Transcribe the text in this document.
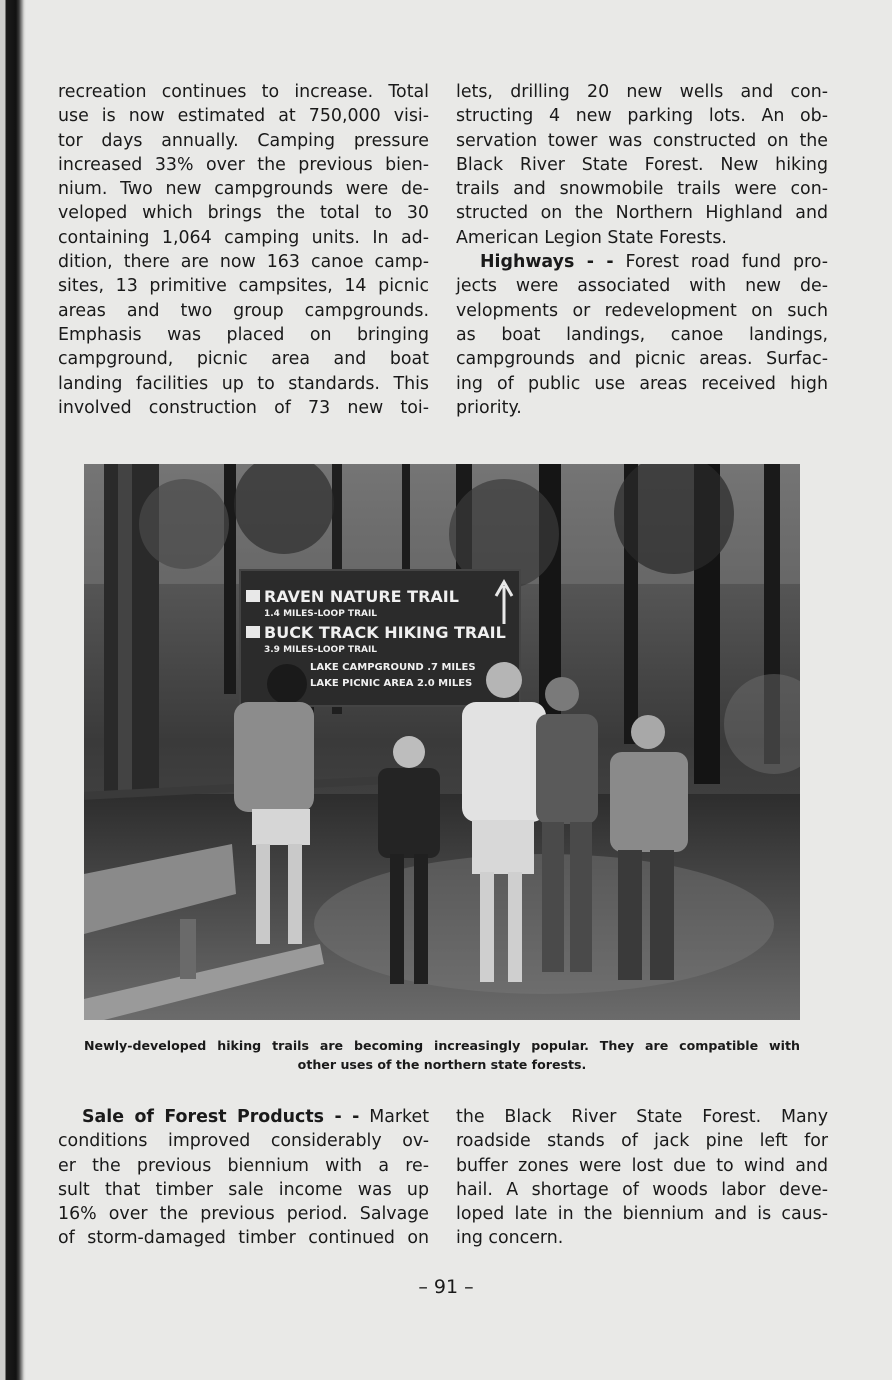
recreation continues to increase. Total
use is now estimated at 750,000 visi-
tor days annually. Camping pressure
increased 33% over the previous bien-
nium. Two new campgrounds were de-
veloped which brings the total to 30
containing 1,064 camping units. In ad-
dition, there are now 163 canoe camp-
sites, 13 primitive campsites, 14 picnic
areas and two group campgrounds.
Emphasis was placed on bringing
campground, picnic area and boat
landing facilities up to standards. This
involved construction of 73 new toi-
lets, drilling 20 new wells and con-
structing 4 new parking lots. An ob-
servation tower was constructed on the
Black River State Forest. New hiking
trails and snowmobile trails were con-
structed on the Northern Highland and
American Legion State Forests.
Highways - - Forest road fund pro-
jects were associated with new de-
velopments or redevelopment on such
as boat landings, canoe landings,
campgrounds and picnic areas. Surfac-
ing of public use areas received high
priority.
RAVEN NATURE TRAIL
1.4 MILES-LOOP TRAIL
BUCK TRACK HIKING TRAIL
3.9 MILES-LOOP TRAIL
LAKE CAMPGROUND .7 MILES
LAKE PICNIC AREA 2.0 MILES
Newly-developed hiking trails are becoming increasingly popular. They are compatible with
other uses of the northern state forests.
Sale of Forest Products - - Market
conditions improved considerably ov-
er the previous biennium with a re-
sult that timber sale income was up
16% over the previous period. Salvage
of storm-damaged timber continued on
the Black River State Forest. Many
roadside stands of jack pine left for
buffer zones were lost due to wind and
hail. A shortage of woods labor deve-
loped late in the biennium and is caus-
ing concern.
– 91 –
